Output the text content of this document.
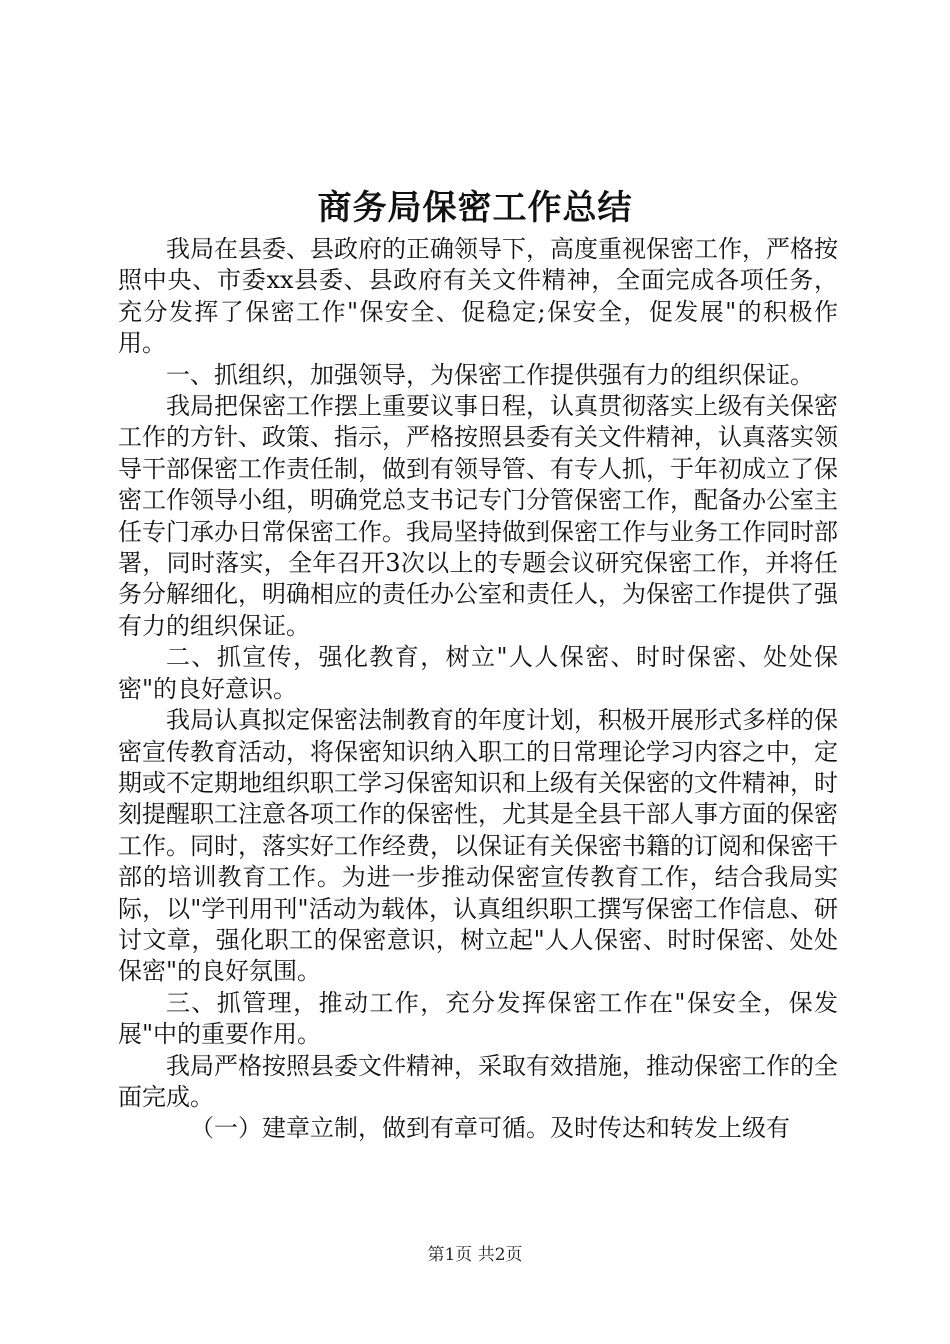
商务局保密工作总结

我局在县委、县政府的正确领导下，高度重视保密工作，严格按照中央、市委xx县委、县政府有关文件精神，全面完成各项任务，充分发挥了保密工作"保安全、促稳定;保安全，促发展"的积极作用。

一、抓组织，加强领导，为保密工作提供强有力的组织保证。

我局把保密工作摆上重要议事日程，认真贯彻落实上级有关保密工作的方针、政策、指示，严格按照县委有关文件精神，认真落实领导干部保密工作责任制，做到有领导管、有专人抓，于年初成立了保密工作领导小组，明确党总支书记专门分管保密工作，配备办公室主任专门承办日常保密工作。我局坚持做到保密工作与业务工作同时部署，同时落实，全年召开3次以上的专题会议研究保密工作，并将任务分解细化，明确相应的责任办公室和责任人，为保密工作提供了强有力的组织保证。

二、抓宣传，强化教育，树立"人人保密、时时保密、处处保密"的良好意识。

我局认真拟定保密法制教育的年度计划，积极开展形式多样的保密宣传教育活动，将保密知识纳入职工的日常理论学习内容之中，定期或不定期地组织职工学习保密知识和上级有关保密的文件精神，时刻提醒职工注意各项工作的保密性，尤其是全县干部人事方面的保密工作。同时，落实好工作经费，以保证有关保密书籍的订阅和保密干部的培训教育工作。为进一步推动保密宣传教育工作，结合我局实际，以"学刊用刊"活动为载体，认真组织职工撰写保密工作信息、研讨文章，强化职工的保密意识，树立起"人人保密、时时保密、处处保密"的良好氛围。

三、抓管理，推动工作，充分发挥保密工作在"保安全，保发展"中的重要作用。

我局严格按照县委文件精神，采取有效措施，推动保密工作的全面完成。

（一）建章立制，做到有章可循。及时传达和转发上级有

第1页 共2页
